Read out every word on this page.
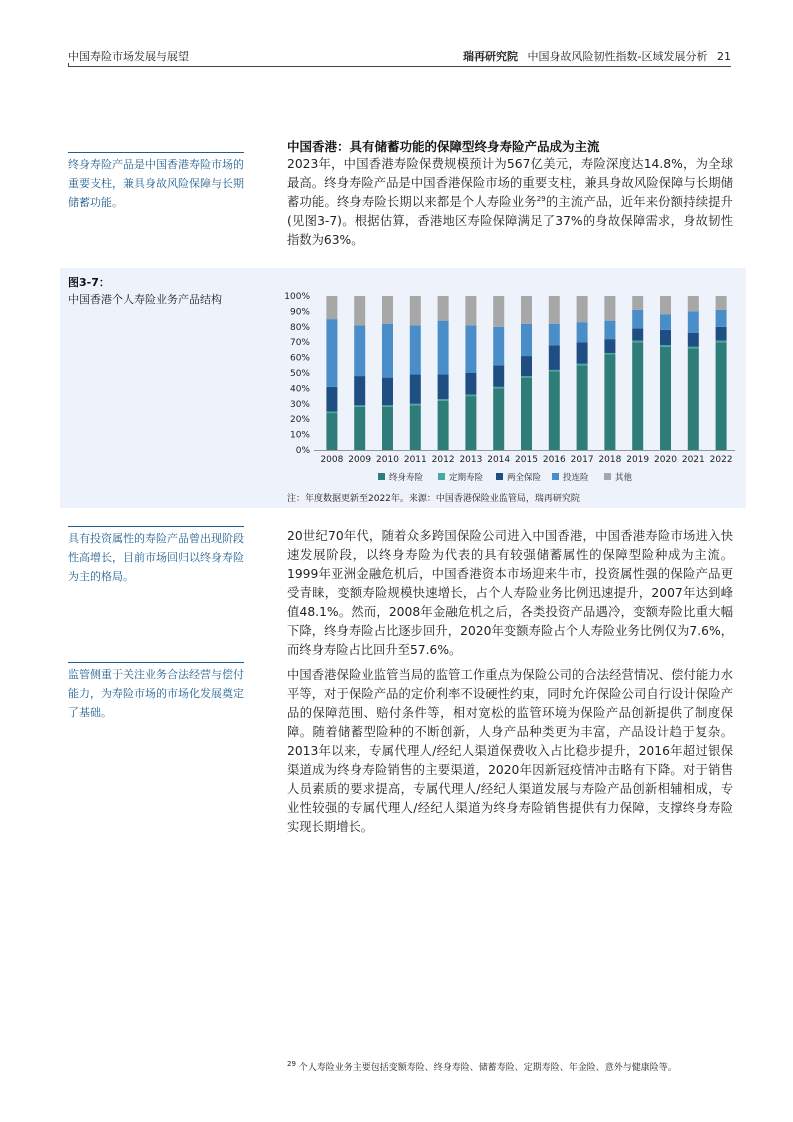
中国寿险市场发展与展望	瑞再研究院 中国身故风险韧性指数-区域发展分析 21
中国香港：具有储蓄功能的保障型终身寿险产品成为主流
终身寿险产品是中国香港寿险市场的重要支柱，兼具身故风险保障与长期储蓄功能。
2023年，中国香港寿险保费规模预计为567亿美元，寿险深度达14.8%，为全球最高。终身寿险产品是中国香港保险市场的重要支柱，兼具身故风险保障与长期储蓄功能。终身寿险长期以来都是个人寿险业务$^{29}$的主流产品，近年来份额持续提升(见图3-7)。根据估算，香港地区寿险保障满足了37%的身故保障需求，身故韧性指数为63%。
图3-7：
中国香港个人寿险业务产品结构
0%
10%
20%
30%
40%
50%
60%
70%
80%
90%
100%
2008 2009 2010 2011 2012 2013 2014 2015 2016 2017 2018 2019 2020 2021 2022
终身寿险	定期寿险	两全保险	投连险	其他
注：年度数据更新至2022年。来源：中国香港保险业监管局，瑞再研究院
具有投资属性的寿险产品曾出现阶段性高增长，目前市场回归以终身寿险为主的格局。
20世纪70年代，随着众多跨国保险公司进入中国香港，中国香港寿险市场进入快速发展阶段，以终身寿险为代表的具有较强储蓄属性的保障型险种成为主流。1999年亚洲金融危机后，中国香港资本市场迎来牛市，投资属性强的保险产品更受青睐，变额寿险规模快速增长，占个人寿险业务比例迅速提升，2007年达到峰值48.1%。然而，2008年金融危机之后，各类投资产品遇冷，变额寿险比重大幅下降，终身寿险占比逐步回升，2020年变额寿险占个人寿险业务比例仅为7.6%，而终身寿险占比回升至57.6%。
监管侧重于关注业务合法经营与偿付能力，为寿险市场的市场化发展奠定了基础。
中国香港保险业监管当局的监管工作重点为保险公司的合法经营情况、偿付能力水平等，对于保险产品的定价利率不设硬性约束，同时允许保险公司自行设计保险产品的保障范围、赔付条件等，相对宽松的监管环境为保险产品创新提供了制度保障。随着储蓄型险种的不断创新，人身产品种类更为丰富，产品设计趋于复杂。2013年以来，专属代理人/经纪人渠道保费收入占比稳步提升，2016年超过银保渠道成为终身寿险销售的主要渠道，2020年因新冠疫情冲击略有下降。对于销售人员素质的要求提高，专属代理人/经纪人渠道发展与寿险产品创新相辅相成，专业性较强的专属代理人/经纪人渠道为终身寿险销售提供有力保障，支撑终身寿险实现长期增长。
$^{29}$ 个人寿险业务主要包括变额寿险、终身寿险、储蓄寿险、定期寿险、年金险、意外与健康险等。
